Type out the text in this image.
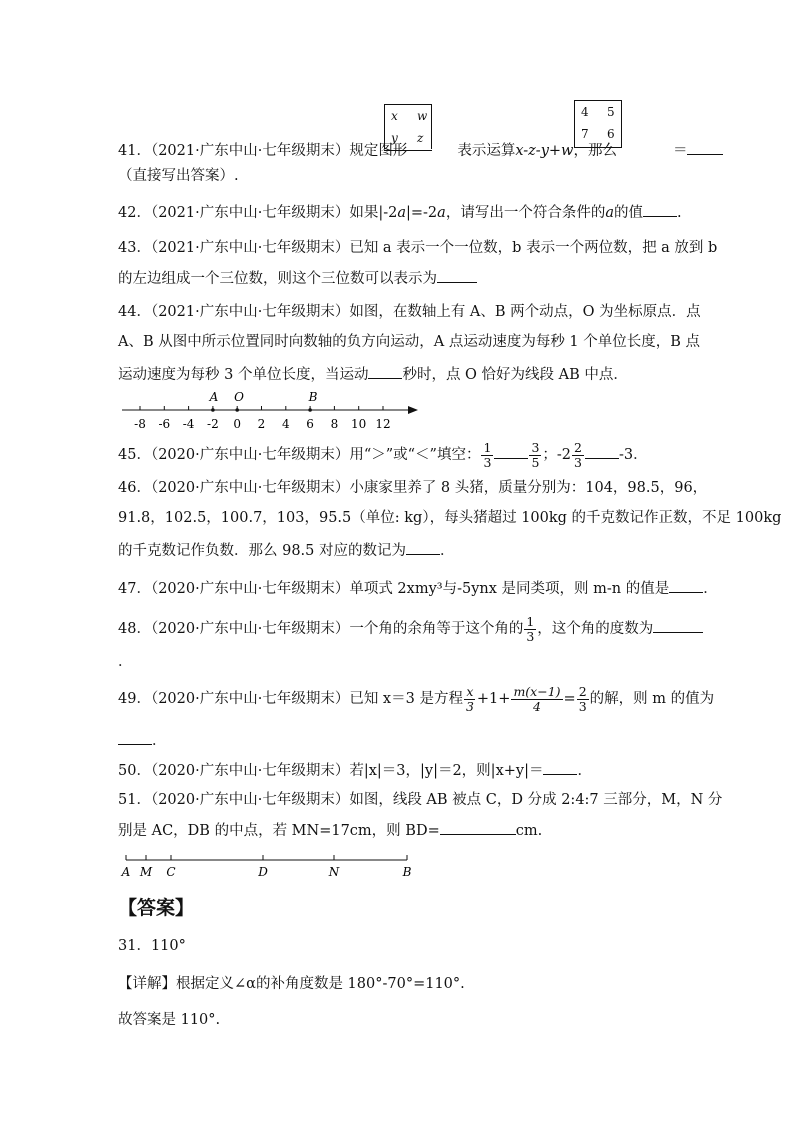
41．（2021·广东中山·七年级期末）规定图形	表示运算x-z-y+w，那么	＝
x w
y z
4 5
7 6
（直接写出答案）.
42．（2021·广东中山·七年级期末）如果|-2a|=-2a，请写出一个符合条件的a的值 .
43．（2021·广东中山·七年级期末）已知 a 表示一个一位数，b 表示一个两位数，把 a 放到 b
的左边组成一个三位数，则这个三位数可以表示为
44．（2021·广东中山·七年级期末）如图，在数轴上有 A、B 两个动点，O 为坐标原点．点
A、B 从图中所示位置同时向数轴的负方向运动，A 点运动速度为每秒 1 个单位长度，B 点
运动速度为每秒 3 个单位长度，当运动 秒时，点 O 恰好为线段 AB 中点．
-8 -6 -4 -2 0 2 4 6 8 10 12
A O	B
45．（2020·广东中山·七年级期末）用“＞”或“＜”填空： $\frac{1}{3}$	$\frac{3}{5}$ ；$-2 \frac{2}{3} -3$．
46．（2020·广东中山·七年级期末）小康家里养了 8 头猪，质量分别为：104，98.5，96，
91.8，102.5，100.7，103，95.5（单位: kg），每头猪超过 100kg 的千克数记作正数，不足 100kg
的千克数记作负数．那么 98.5 对应的数记为 ．
47．（2020·广东中山·七年级期末）单项式 2xmy³与-5ynx 是同类项，则 m-n 的值是 ．
48．（2020·广东中山·七年级期末）一个角的余角等于这个角的 $\frac{1}{3}$ ，这个角的度数为
．
49．（2020·广东中山·七年级期末）已知 x＝3 是方程 $\frac{x}{3} +1+ \frac{m(x-1)}{4} = \frac{2}{3}$ 的解，则 m 的值为
．
50．（2020·广东中山·七年级期末）若|x|＝3，|y|＝2，则|x+y|＝ ．
51．（2020·广东中山·七年级期末）如图，线段 AB 被点 C，D 分成 2:4:7 三部分，M，N 分
别是 AC，DB 的中点，若 MN=17cm，则 BD=	cm.
A M C	D	N	B
【答案】
31．110°
【详解】根据定义∠α的补角度数是 180°-70°=110°.
故答案是 110°.
